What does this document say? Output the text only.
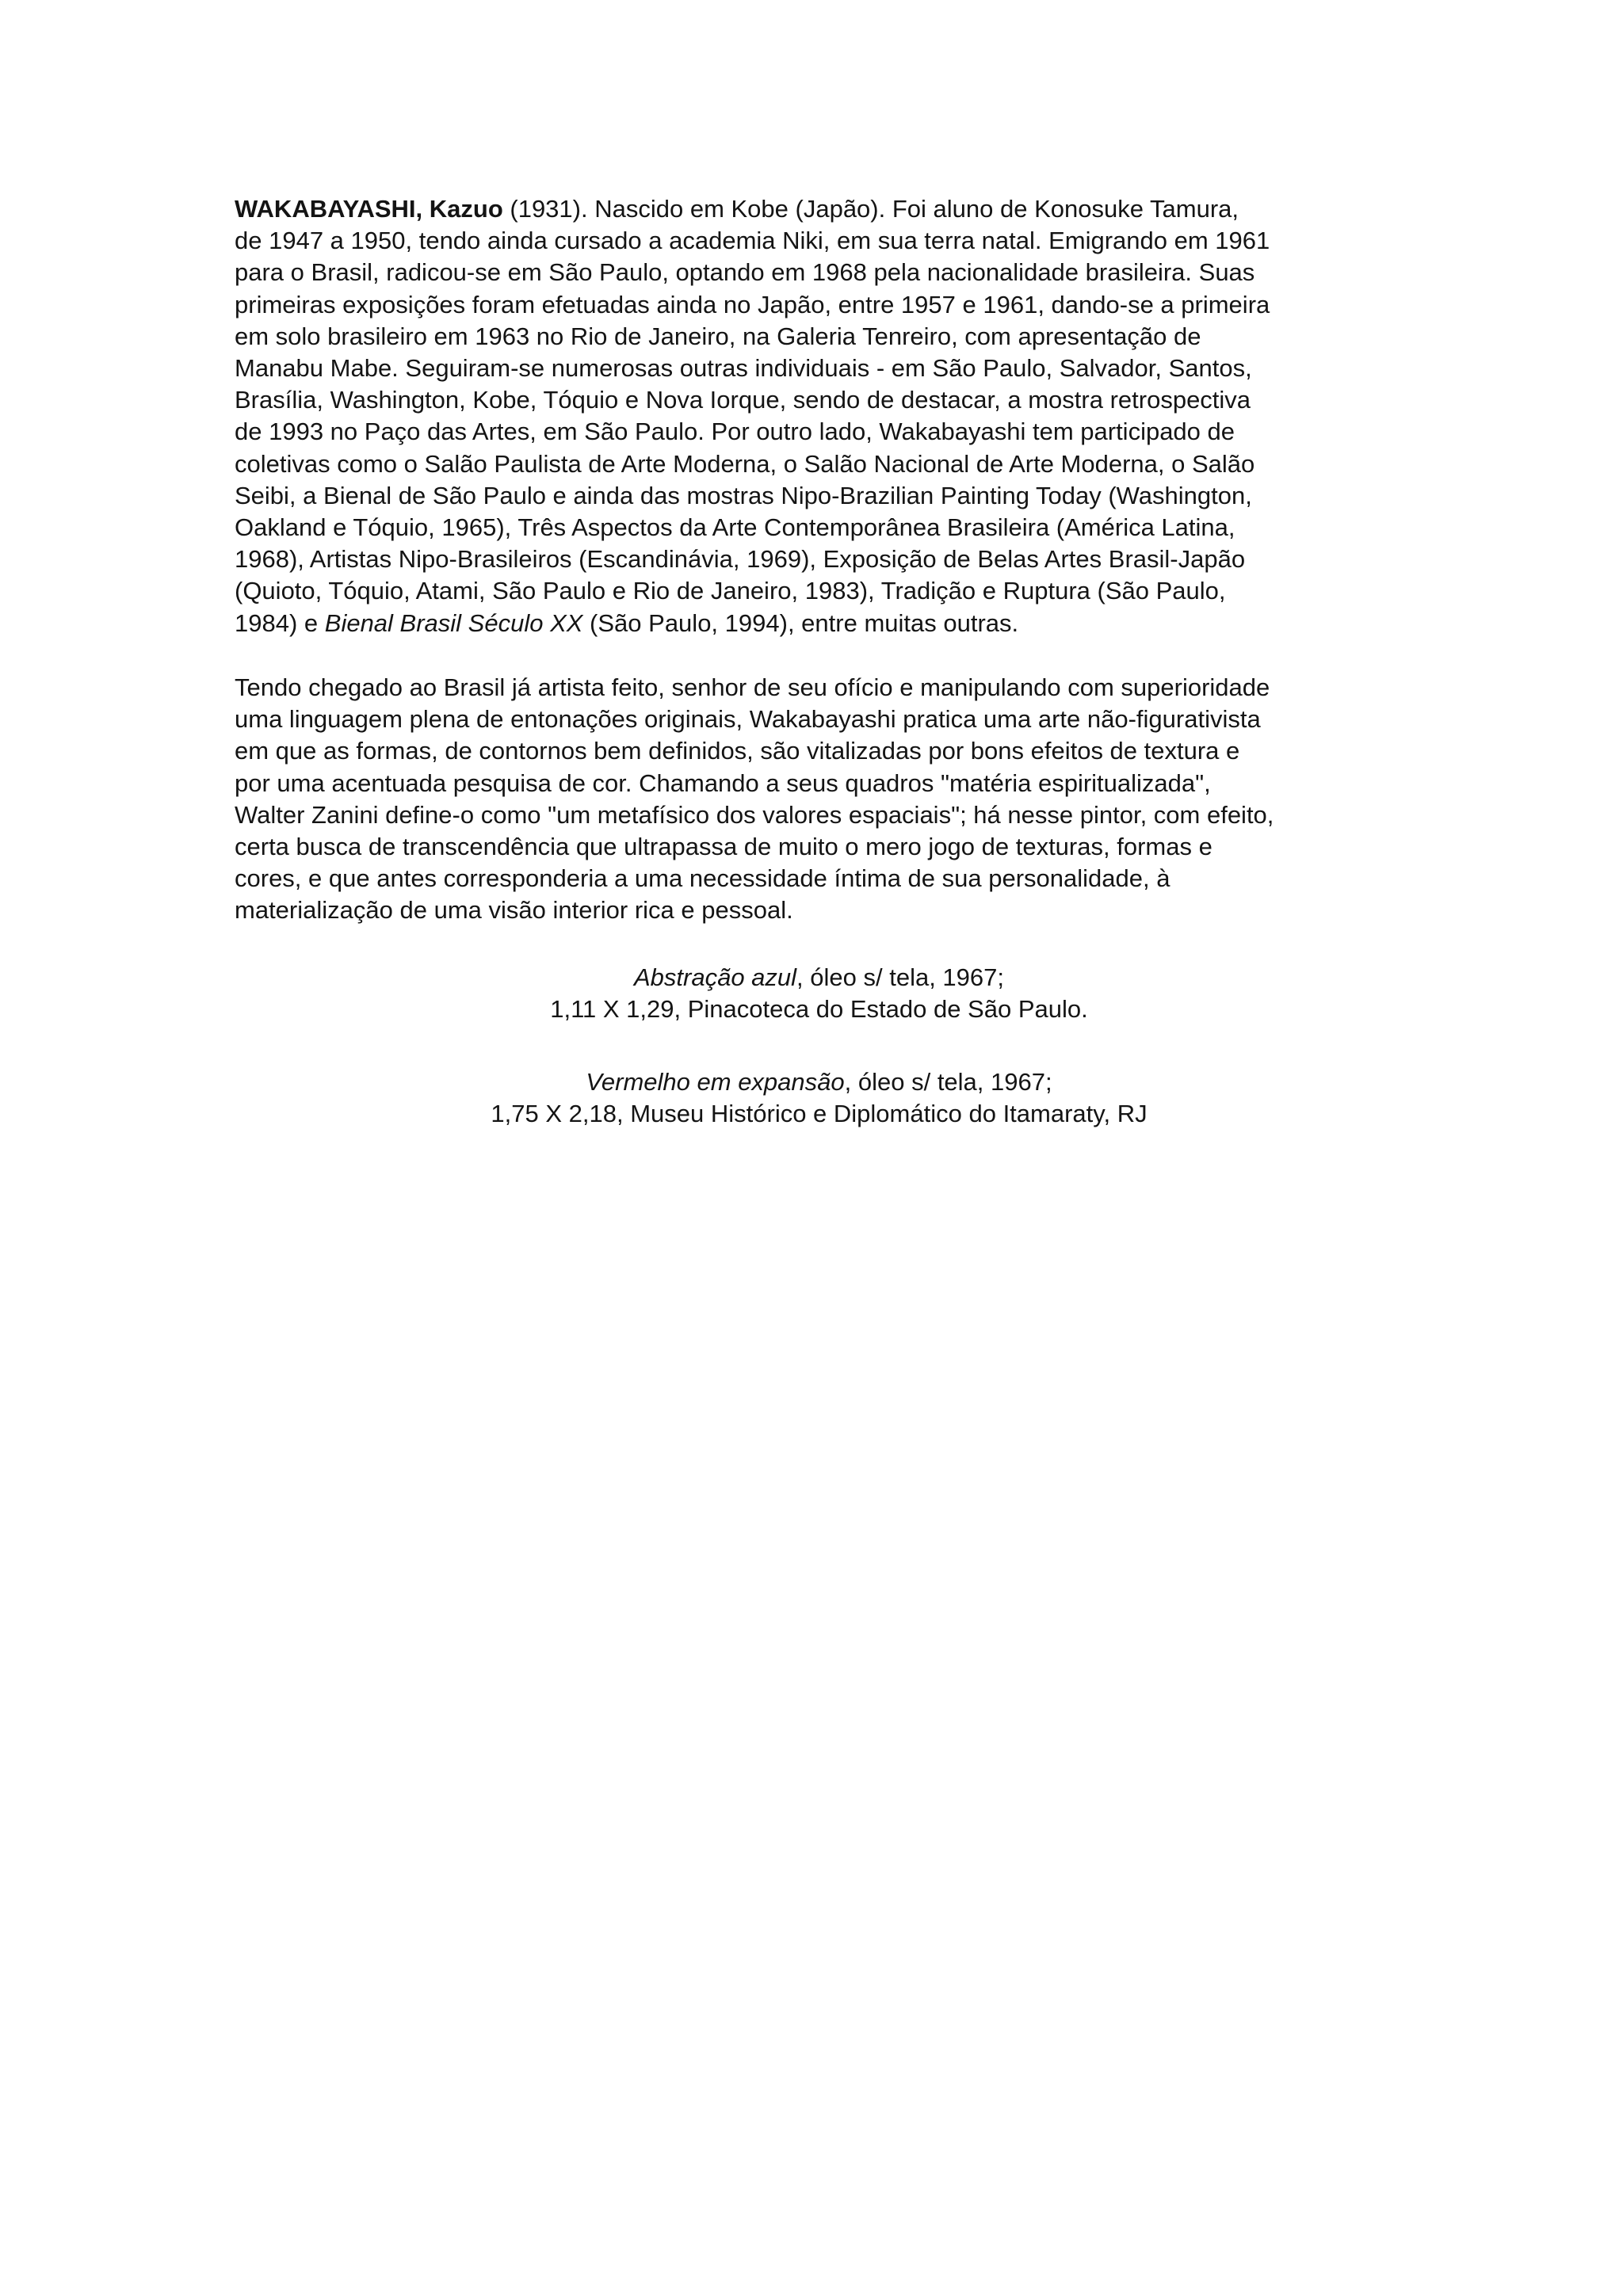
WAKABAYASHI, Kazuo (1931). Nascido em Kobe (Japão). Foi aluno de Konosuke Tamura,
de 1947 a 1950, tendo ainda cursado a academia Niki, em sua terra natal. Emigrando em 1961
para o Brasil, radicou-se em São Paulo, optando em 1968 pela nacionalidade brasileira. Suas
primeiras exposições foram efetuadas ainda no Japão, entre 1957 e 1961, dando-se a primeira
em solo brasileiro em 1963 no Rio de Janeiro, na Galeria Tenreiro, com apresentação de
Manabu Mabe. Seguiram-se numerosas outras individuais - em São Paulo, Salvador, Santos,
Brasília, Washington, Kobe, Tóquio e Nova Iorque, sendo de destacar, a mostra retrospectiva
de 1993 no Paço das Artes, em São Paulo. Por outro lado, Wakabayashi tem participado de
coletivas como o Salão Paulista de Arte Moderna, o Salão Nacional de Arte Moderna, o Salão
Seibi, a Bienal de São Paulo e ainda das mostras Nipo-Brazilian Painting Today (Washington,
Oakland e Tóquio, 1965), Três Aspectos da Arte Contemporânea Brasileira (América Latina,
1968), Artistas Nipo-Brasileiros (Escandinávia, 1969), Exposição de Belas Artes Brasil-Japão
(Quioto, Tóquio, Atami, São Paulo e Rio de Janeiro, 1983), Tradição e Ruptura (São Paulo,
1984) e Bienal Brasil Século XX (São Paulo, 1994), entre muitas outras.
Tendo chegado ao Brasil já artista feito, senhor de seu ofício e manipulando com superioridade
uma linguagem plena de entonações originais, Wakabayashi pratica uma arte não-figurativista
em que as formas, de contornos bem definidos, são vitalizadas por bons efeitos de textura e
por uma acentuada pesquisa de cor. Chamando a seus quadros "matéria espiritualizada",
Walter Zanini define-o como "um metafísico dos valores espaciais"; há nesse pintor, com efeito,
certa busca de transcendência que ultrapassa de muito o mero jogo de texturas, formas e
cores, e que antes corresponderia a uma necessidade íntima de sua personalidade, à
materialização de uma visão interior rica e pessoal.
Abstração azul, óleo s/ tela, 1967;
1,11 X 1,29, Pinacoteca do Estado de São Paulo.
Vermelho em expansão, óleo s/ tela, 1967;
1,75 X 2,18, Museu Histórico e Diplomático do Itamaraty, RJ
